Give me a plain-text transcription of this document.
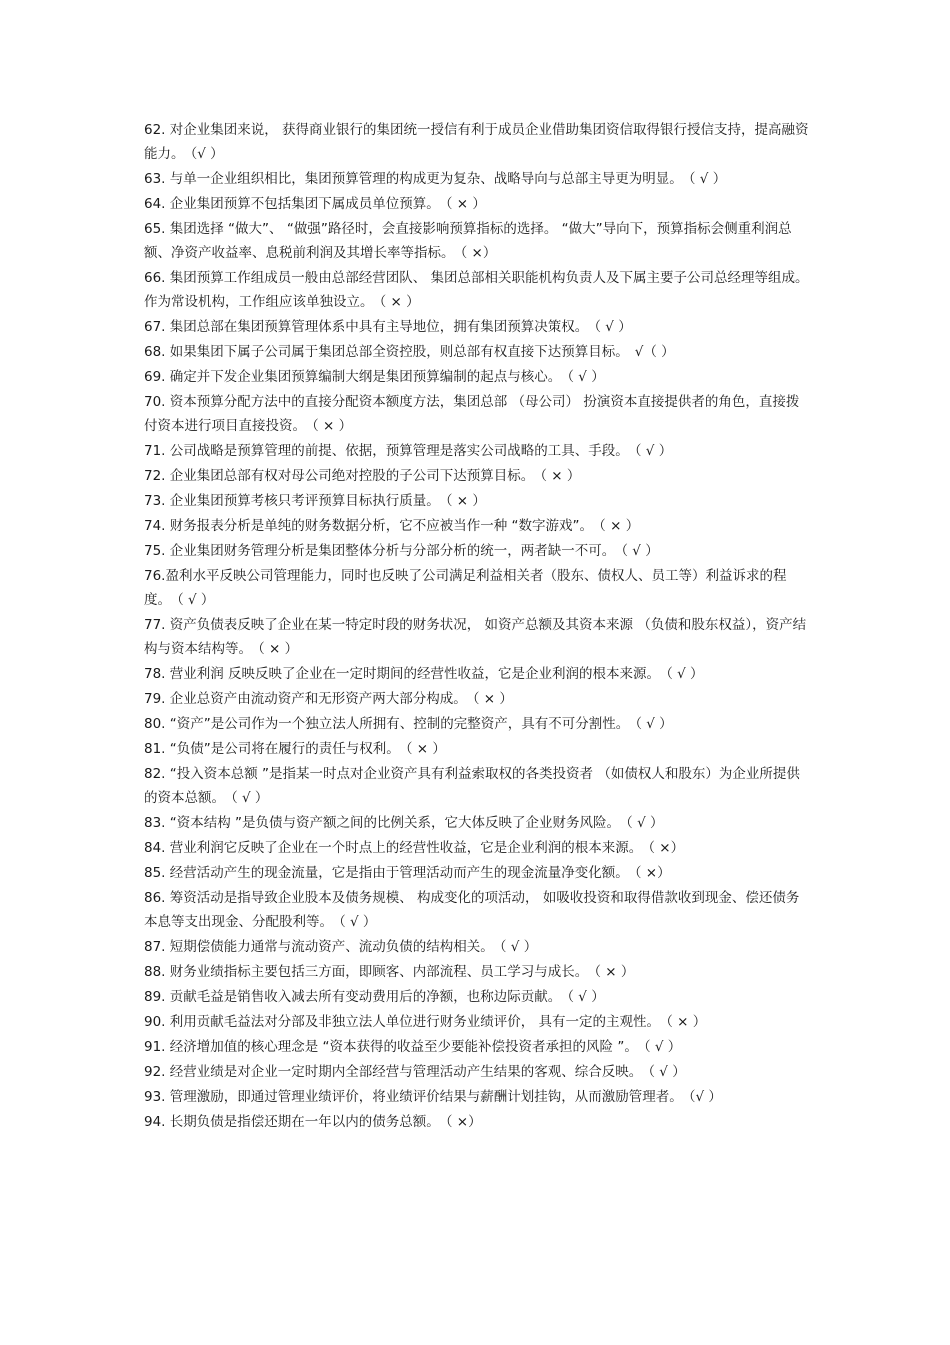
62. 对企业集团来说， 获得商业银行的集团统一授信有利于成员企业借助集团资信取得银行授信支持，提高融资能力。 （√ ）

63. 与单一企业组织相比，集团预算管理的构成更为复杂、战略导向与总部主导更为明显。 （ √ ）

64. 企业集团预算不包括集团下属成员单位预算。 （ × ）

65. 集团选择 “做大”、 “做强”路径时，会直接影响预算指标的选择。 “做大”导向下，预算指标会侧重利润总额、净资产收益率、息税前利润及其增长率等指标。 （ ×）

66. 集团预算工作组成员一般由总部经营团队、 集团总部相关职能机构负责人及下属主要子公司总经理等组成。作为常设机构，工作组应该单独设立。 （ × ）

67. 集团总部在集团预算管理体系中具有主导地位，拥有集团预算决策权。 （ √ ）

68. 如果集团下属子公司属于集团总部全资控股，则总部有权直接下达预算目标。 √（ ）

69. 确定并下发企业集团预算编制大纲是集团预算编制的起点与核心。 （ √ ）

70. 资本预算分配方法中的直接分配资本额度方法，集团总部 （母公司） 扮演资本直接提供者的角色，直接拨付资本进行项目直接投资。 （ × ）

71. 公司战略是预算管理的前提、依据，预算管理是落实公司战略的工具、手段。 （ √ ）

72. 企业集团总部有权对母公司绝对控股的子公司下达预算目标。 （ × ）

73. 企业集团预算考核只考评预算目标执行质量。 （ × ）

74. 财务报表分析是单纯的财务数据分析，它不应被当作一种 “数字游戏”。 （ × ）

75. 企业集团财务管理分析是集团整体分析与分部分析的统一，两者缺一不可。 （ √ ）

76.盈利水平反映公司管理能力，同时也反映了公司满足利益相关者（股东、债权人、员工等）利益诉求的程度。 （ √ ）

77. 资产负债表反映了企业在某一特定时段的财务状况， 如资产总额及其资本来源 （负债和股东权益），资产结构与资本结构等。 （ × ）

78. 营业利润 反映反映了企业在一定时期间的经营性收益，它是企业利润的根本来源。 （ √ ）

79. 企业总资产由流动资产和无形资产两大部分构成。 （ × ）

80. “资产”是公司作为一个独立法人所拥有、控制的完整资产，具有不可分割性。 （ √ ）

81. “负债”是公司将在履行的责任与权利。 （ × ）

82. “投入资本总额 ”是指某一时点对企业资产具有利益索取权的各类投资者 （如债权人和股东）为企业所提供的资本总额。 （ √ ）

83. “资本结构 ”是负债与资产额之间的比例关系，它大体反映了企业财务风险。 （ √ ）

84. 营业利润它反映了企业在一个时点上的经营性收益，它是企业利润的根本来源。 （ ×）

85. 经营活动产生的现金流量，它是指由于管理活动而产生的现金流量净变化额。 （ ×）

86. 筹资活动是指导致企业股本及债务规模、 构成变化的项活动， 如吸收投资和取得借款收到现金、偿还债务本息等支出现金、分配股利等。 （ √ ）

87. 短期偿债能力通常与流动资产、流动负债的结构相关。 （ √ ）

88. 财务业绩指标主要包括三方面，即顾客、内部流程、员工学习与成长。 （ × ）

89. 贡献毛益是销售收入减去所有变动费用后的净额，也称边际贡献。 （ √ ）

90. 利用贡献毛益法对分部及非独立法人单位进行财务业绩评价， 具有一定的主观性。 （ × ）

91. 经济增加值的核心理念是 “资本获得的收益至少要能补偿投资者承担的风险 ”。 （ √ ）

92. 经营业绩是对企业一定时期内全部经营与管理活动产生结果的客观、综合反映。 （ √ ）

93. 管理激励，即通过管理业绩评价，将业绩评价结果与薪酬计划挂钩，从而激励管理者。 （√ ）

94. 长期负债是指偿还期在一年以内的债务总额。 （ ×）
